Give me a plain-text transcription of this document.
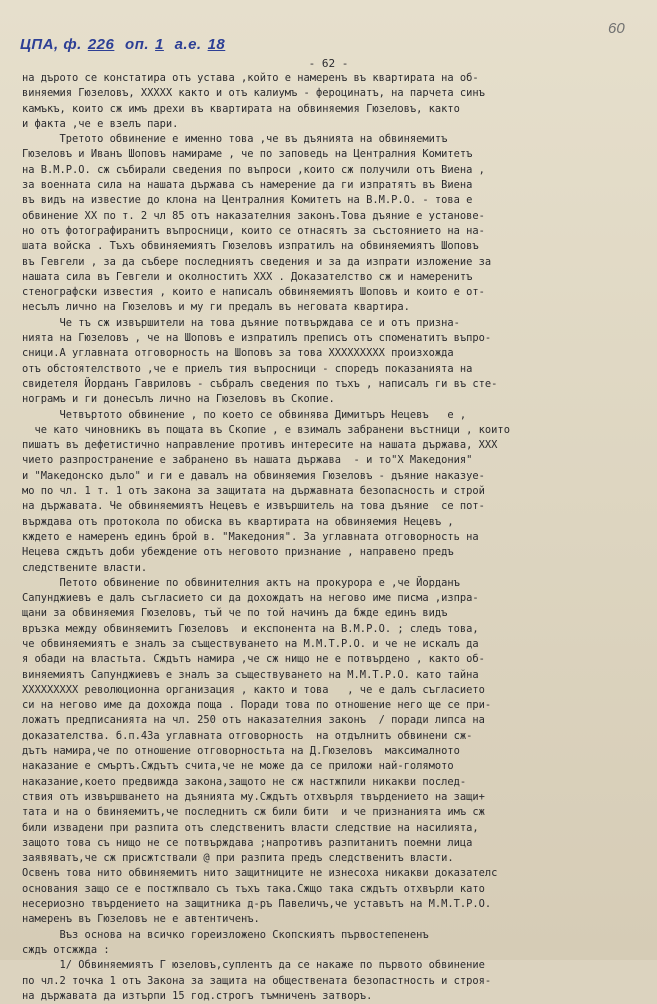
ЦПА, ф. 226 оп. 1 а.е. 18
60
- 62 -
на дърото се констатира отъ устава ,който е намеренъ въ квартирата на об-
виняемия Гюзеловъ, ХХХХХ както и отъ калиумъ - фероцинатъ, на парчета синъ
камъкъ, които сж имъ дрехи въ квартирата на обвиняемия Гюзеловъ, както
и факта ,че е взелъ пари.
Третото обвинение е именно това ,че въ дъянията на обвиняемитъ
Гюзеловъ и Иванъ Шоповъ намираме , че по заповедь на Централния Комитетъ
на В.М.Р.О. сж събирали сведения по въпроси ,които сж получили отъ Виена ,
за военната сила на нашата държава съ намерение да ги изпратятъ въ Виена
въ видъ на известие до клона на Централния Комитетъ на В.М.Р.О. - това е
обвинение ХХ по т. 2 чл 85 отъ наказателния законъ.Това дъяние е установе-
но отъ фотографиранитъ въпросници, които се отнасятъ за състоянието на на-
шата войска . Тъхъ обвиняемиятъ Гюзеловъ изпратилъ на обвиняемиятъ Шоповъ
въ Гевгели , за да събере последниятъ сведения и за да изпрати изложение за
нашата сила въ Гевгели и околноститъ ХХХ . Доказателство сж и намеренитъ
стенографски известия , които е написалъ обвиняемиятъ Шоповъ и които е от-
несълъ лично на Гюзеловъ и му ги предалъ въ неговата квартира.
Че тъ сж извършители на това дъяние потвърждава се и отъ призна-
нията на Гюзеловъ , че на Шоповъ е изпратилъ преписъ отъ споменатитъ въпро-
сници.А углавната отговорность на Шоповъ за това ХХХХХХХХХ произхожда
отъ обстоятелството ,че е приелъ тия въпросници - споредъ показанията на
свидетеля Йорданъ Гавриловъ - събралъ сведения по тъхъ , написалъ ги въ сте-
нограмъ и ги донесълъ лично на Гюзеловъ въ Скопие.
Четвъртото обвинение , по което се обвинява Димитъръ Нецевъ   е ,
че като чиновникъ въ пощата въ Скопие , е взималъ забранени въстници , които
пишатъ въ дефетистично направление противъ интересите на нашата държава, ХХХ
чието разпространение е забранено въ нашата държава  - и то"Х Македония"
и "Македонско дъло" и ги е давалъ на обвиняемия Гюзеловъ - дъяние наказуе-
мо по чл. 1 т. 1 отъ закона за защитата на държавната безопасность и строй
на държавата. Че обвиняемиятъ Нецевъ е извършитель на това дъяние  се пот-
върждава отъ протокола по обиска въ квартирата на обвиняемия Нецевъ ,
кждето е намеренъ единъ брой в. "Македония". За углавната отговорность на
Нецева сждътъ доби убеждение отъ неговото признание , направено предъ
следствените власти.
Петото обвинение по обвинителния актъ на прокурора е ,че Йорданъ
Сапунджиевъ е далъ съгласието си да дохождатъ на негово име писма ,изпра-
щани за обвиняемия Гюзеловъ, тъй че по той начинъ да бжде единъ видъ
връзка между обвиняемитъ Гюзеловъ  и експонента на В.М.Р.О. ; следъ това,
че обвиняемиятъ е зналъ за съществуването на М.М.Т.Р.О. и че не искалъ да
я обади на властьта. Сждътъ намира ,че сж нищо не е потвърдено , както об-
виняемиятъ Сапунджиевъ е зналъ за съществуването на М.М.Т.Р.О. като тайна
ХХХХХХХХХ революционна организация , както и това   , че е далъ съгласието
си на негово име да дохожда поща . Поради това по отношение него ще се при-
ложатъ предписанията на чл. 250 отъ наказателния законъ  / поради липса на
доказателства. б.п.43а углавната отговорность  на отдълнитъ обвинени сж-
дътъ намира,че по отношение отговорностьта на Д.Гюзеловъ  максималното
наказание е смъртъ.Сждътъ счита,че не може да се приложи най-голямото
наказание,което предвижда закона,защото не сж настжпили никакви послед-
ствия отъ извършването на дъянията му.Сждътъ отхвърля твърдението на защи+
тата и на о бвиняемитъ,че последнитъ сж били бити  и че признанията имъ сж
били извадени при разпита отъ следственитъ власти следствие на насилията,
защото това съ нищо не се потвърждава ;напротивъ разпитанитъ поемни лица
заявяватъ,че сж присжтствали @ при разпита предъ следственитъ власти.
Освенъ това нито обвиняемитъ нито защитниците не изнесоха никакви доказателс
основания защо се е постжпвало съ тъхъ така.Сжщо така сждътъ отхвърли като
несериозно твърдението на защитника д-ръ Павеличъ,че уставътъ на М.М.Т.Р.О.
намеренъ въ Гюзеловъ не е автентиченъ.
Въз основа на всичко гореизложено Скопскиятъ първостепененъ
сждъ отсжжда :
1/ Обвиняемиятъ Г юзеловъ,суплентъ да се накаже по първото обвинение
по чл.2 точка 1 отъ Закона за защита на обществената безопастность и строя-
на държавата да изтърпи 15 год.строгъ тъмниченъ затворъ.
